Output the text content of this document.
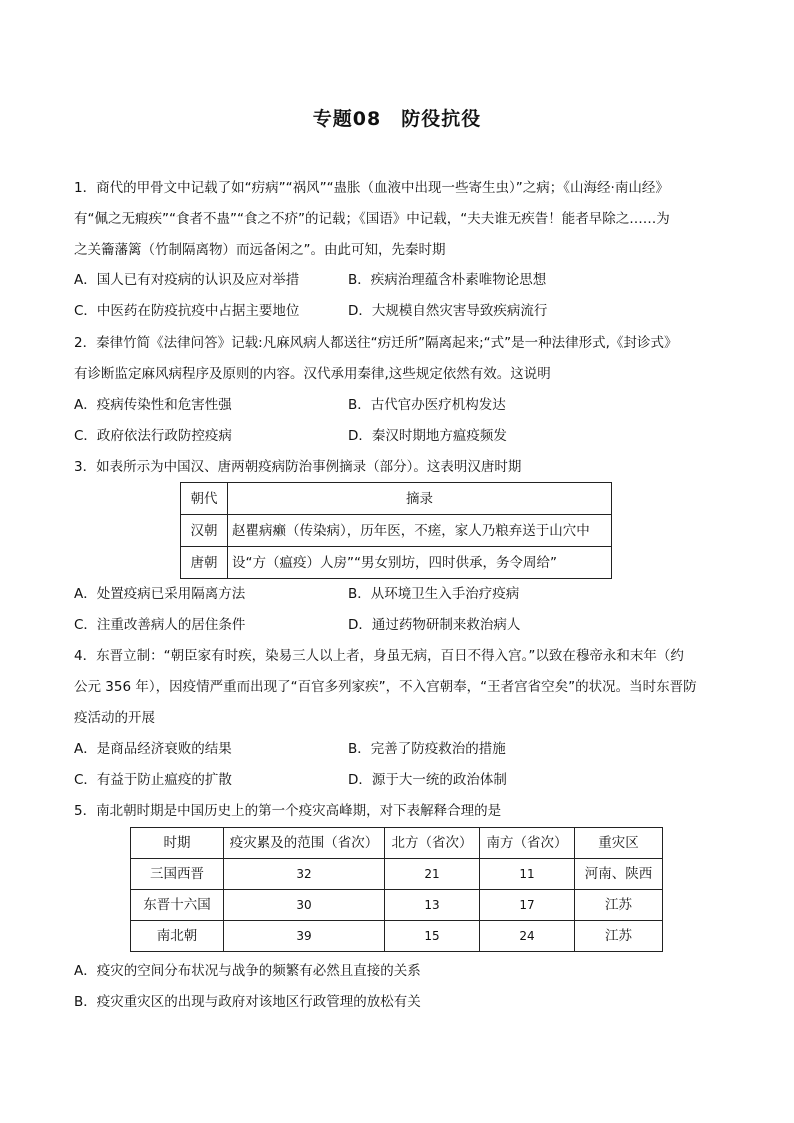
专题08　防役抗役
1．商代的甲骨文中记载了如“疠病”“祸风”“蛊胀（血液中出现一些寄生虫）”之病；《山海经·南山经》
有“佩之无瘕疾”“食者不蛊”“食之不疥”的记载；《国语》中记载，“夫夫谁无疾眚！能者早除之……为
之关籥藩篱（竹制隔离物）而远备闲之”。由此可知，先秦时期
A．国人已有对疫病的认识及应对举措	B．疾病治理蕴含朴素唯物论思想
C．中医药在防疫抗疫中占据主要地位	D．大规模自然灾害导致疾病流行
2．秦律竹简《法律问答》记载:凡麻风病人都送往“疠迁所”隔离起来;“式”是一种法律形式,《封诊式》
有诊断监定麻风病程序及原则的内容。汉代承用秦律,这些规定依然有效。这说明
A．疫病传染性和危害性强	B．古代官办医疗机构发达
C．政府依法行政防控疫病	D．秦汉时期地方瘟疫频发
3．如表所示为中国汉、唐两朝疫病防治事例摘录（部分）。这表明汉唐时期
朝代	摘录
汉朝	赵瞿病癞（传染病），历年医，不瘥，家人乃粮弃送于山穴中
唐朝	设“方（瘟疫）人房”“男女别坊，四时供承，务令周给”
A．处置疫病已采用隔离方法	B．从环境卫生入手治疗疫病
C．注重改善病人的居住条件	D．通过药物研制来救治病人
4．东晋立制：“朝臣家有时疾，染易三人以上者，身虽无病，百日不得入宫。”以致在穆帝永和末年（约
公元 356 年），因疫情严重而出现了“百官多列家疾”，不入宫朝奉，“王者宫省空矣”的状况。当时东晋防
疫活动的开展
A．是商品经济衰败的结果	B．完善了防疫救治的措施
C．有益于防止瘟疫的扩散	D．源于大一统的政治体制
5．南北朝时期是中国历史上的第一个疫灾高峰期，对下表解释合理的是
时期	疫灾累及的范围（省次）	北方（省次）	南方（省次）	重灾区
三国西晋	32	21	11	河南、陕西
东晋十六国	30	13	17	江苏
南北朝	39	15	24	江苏
A．疫灾的空间分布状况与战争的频繁有必然且直接的关系
B．疫灾重灾区的出现与政府对该地区行政管理的放松有关
